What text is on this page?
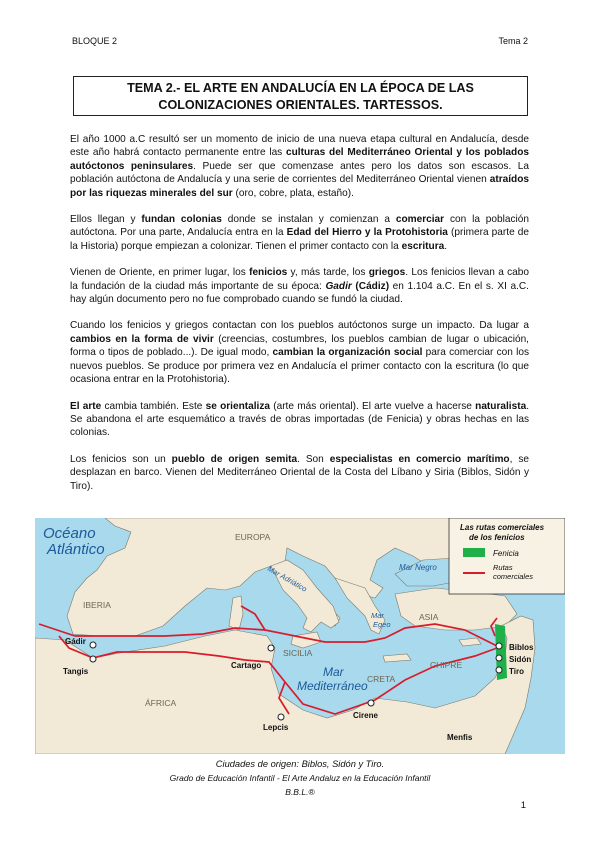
BLOQUE 2	Tema 2
TEMA 2.- EL ARTE EN ANDALUCÍA EN LA ÉPOCA DE LAS
COLONIZACIONES ORIENTALES. TARTESSOS.

El año 1000 a.C resultó ser un momento de inicio de una nueva etapa cultural en Andalucía, desde este año habrá contacto permanente entre las culturas del Mediterráneo Oriental y los poblados autóctonos peninsulares. Puede ser que comenzase antes pero los datos son escasos. La población autóctona de Andalucía y una serie de corrientes del Mediterráneo Oriental vienen atraídos por las riquezas minerales del sur (oro, cobre, plata, estaño).

Ellos llegan y fundan colonias donde se instalan y comienzan a comerciar con la población autóctona. Por una parte, Andalucía entra en la Edad del Hierro y la Protohistoria (primera parte de la Historia) porque empiezan a colonizar. Tienen el primer contacto con la escritura.

Vienen de Oriente, en primer lugar, los fenicios y, más tarde, los griegos. Los fenicios llevan a cabo la fundación de la ciudad más importante de su época: Gadir (Cádiz) en 1.104 a.C. En el s. XI a.C. hay algún documento pero no fue comprobado cuando se fundó la ciudad.

Cuando los fenicios y griegos contactan con los pueblos autóctonos surge un impacto. Da lugar a cambios en la forma de vivir (creencias, costumbres, los pueblos cambian de lugar o ubicación, forma o tipos de poblado...). De igual modo, cambian la organización social para comerciar con los nuevos pueblos. Se produce por primera vez en Andalucía el primer contacto con la escritura (lo que ocasiona entrar en la Protohistoria).

El arte cambia también. Este se orientaliza (arte más oriental). El arte vuelve a hacerse naturalista. Se abandona el arte esquemático a través de obras importadas (de Fenicia) y obras hechas en las colonias.

Los fenicios son un pueblo de origen semita. Son especialistas en comercio marítimo, se desplazan en barco. Vienen del Mediterráneo Oriental de la Costa del Líbano y Siria (Biblos, Sidón y Tiro).

Océano
Atlántico
EUROPA
IBERIA
ASIA
ÁFRICA
SICILIA
CRETA
CHIPRE
Mar Adriático	Mar Negro
Mar
Egeo
Mar
Mediterráneo
Gádir
Tangis
Cartago
Lepcis
Cirene
Menfis
Biblos
Sidón
Tiro
Las rutas comerciales
de los fenicios
Fenicia
Rutas
comerciales
Ciudades de origen: Biblos, Sidón y Tiro.
Grado de Educación Infantil - El Arte Andaluz en la Educación Infantil
B.B.L.®
1
